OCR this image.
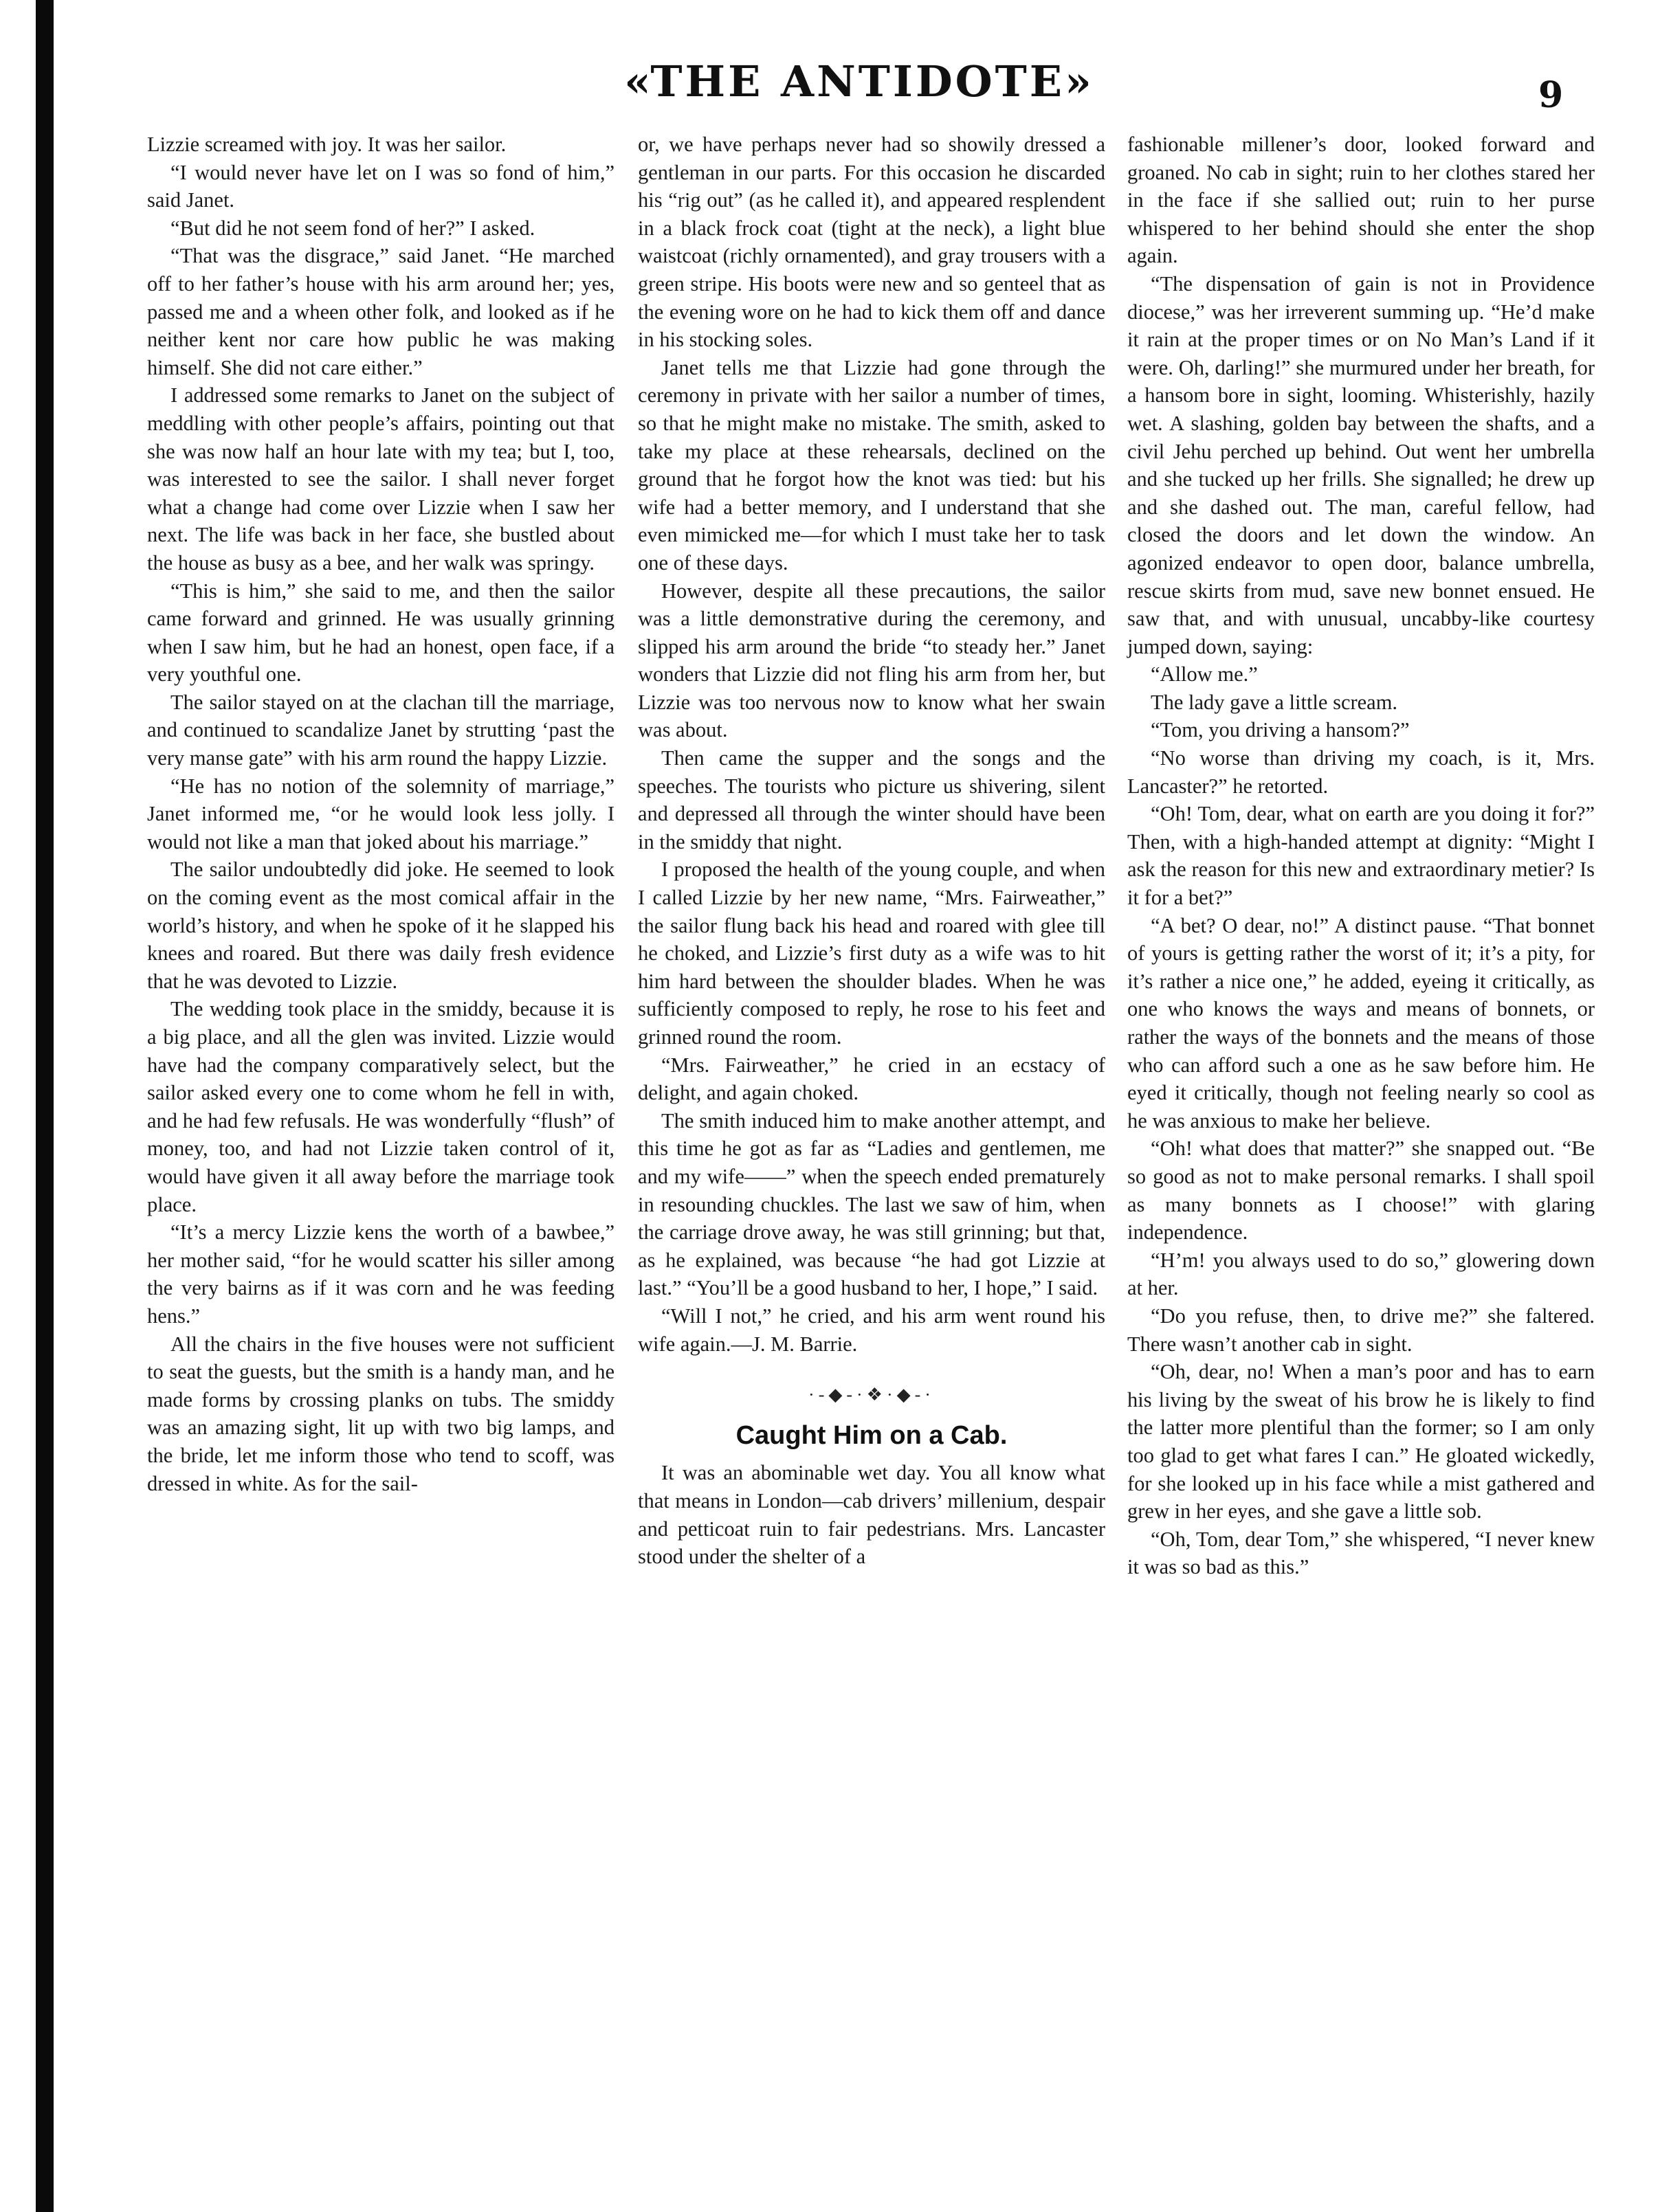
«THE ANTIDOTE»	9

Lizzie screamed with joy. It was her sailor.

“I would never have let on I was so fond of him,” said Janet.

“But did he not seem fond of her?” I asked.

“That was the disgrace,” said Janet. “He marched off to her father’s house with his arm around her; yes, passed me and a wheen other folk, and looked as if he neither kent nor care how public he was making himself. She did not care either.”

I addressed some remarks to Janet on the subject of meddling with other people’s affairs, pointing out that she was now half an hour late with my tea; but I, too, was interested to see the sailor. I shall never forget what a change had come over Lizzie when I saw her next. The life was back in her face, she bustled about the house as busy as a bee, and her walk was springy.

“This is him,” she said to me, and then the sailor came forward and grinned. He was usually grinning when I saw him, but he had an honest, open face, if a very youthful one.

The sailor stayed on at the clachan till the marriage, and continued to scandalize Janet by strutting ‘past the very manse gate” with his arm round the happy Lizzie.

“He has no notion of the solemnity of marriage,” Janet informed me, “or he would look less jolly. I would not like a man that joked about his marriage.”

The sailor undoubtedly did joke. He seemed to look on the coming event as the most comical affair in the world’s history, and when he spoke of it he slapped his knees and roared. But there was daily fresh evidence that he was devoted to Lizzie.

The wedding took place in the smiddy, because it is a big place, and all the glen was invited. Lizzie would have had the company comparatively select, but the sailor asked every one to come whom he fell in with, and he had few refusals. He was wonderfully “flush” of money, too, and had not Lizzie taken control of it, would have given it all away before the marriage took place.

“It’s a mercy Lizzie kens the worth of a bawbee,” her mother said, “for he would scatter his siller among the very bairns as if it was corn and he was feeding hens.”

All the chairs in the five houses were not sufficient to seat the guests, but the smith is a handy man, and he made forms by crossing planks on tubs. The smiddy was an amazing sight, lit up with two big lamps, and the bride, let me inform those who tend to scoff, was dressed in white. As for the sail-

or, we have perhaps never had so showily dressed a gentleman in our parts. For this occasion he discarded his “rig out” (as he called it), and appeared resplendent in a black frock coat (tight at the neck), a light blue waistcoat (richly ornamented), and gray trousers with a green stripe. His boots were new and so genteel that as the evening wore on he had to kick them off and dance in his stocking soles.

Janet tells me that Lizzie had gone through the ceremony in private with her sailor a number of times, so that he might make no mistake. The smith, asked to take my place at these rehearsals, declined on the ground that he forgot how the knot was tied: but his wife had a better memory, and I understand that she even mimicked me—for which I must take her to task one of these days.

However, despite all these precautions, the sailor was a little demonstrative during the ceremony, and slipped his arm around the bride “to steady her.” Janet wonders that Lizzie did not fling his arm from her, but Lizzie was too nervous now to know what her swain was about.

Then came the supper and the songs and the speeches. The tourists who picture us shivering, silent and depressed all through the winter should have been in the smiddy that night.

I proposed the health of the young couple, and when I called Lizzie by her new name, “Mrs. Fairweather,” the sailor flung back his head and roared with glee till he choked, and Lizzie’s first duty as a wife was to hit him hard between the shoulder blades. When he was sufficiently composed to reply, he rose to his feet and grinned round the room.

“Mrs. Fairweather,” he cried in an ecstacy of delight, and again choked.

The smith induced him to make another attempt, and this time he got as far as “Ladies and gentlemen, me and my wife——” when the speech ended prematurely in resounding chuckles. The last we saw of him, when the carriage drove away, he was still grinning; but that, as he explained, was because “he had got Lizzie at last.” “You’ll be a good husband to her, I hope,” I said.

“Will I not,” he cried, and his arm went round his wife again.—J. M. Barrie.

·-◆-·❖·◆-·
Caught Him on a Cab.

It was an abominable wet day. You all know what that means in London—cab drivers’ millenium, despair and petticoat ruin to fair pedestrians. Mrs. Lancaster stood under the shelter of a

fashionable millener’s door, looked forward and groaned. No cab in sight; ruin to her clothes stared her in the face if she sallied out; ruin to her purse whispered to her behind should she enter the shop again.

“The dispensation of gain is not in Providence diocese,” was her irreverent summing up. “He’d make it rain at the proper times or on No Man’s Land if it were. Oh, darling!” she murmured under her breath, for a hansom bore in sight, looming. Whisterishly, hazily wet. A slashing, golden bay between the shafts, and a civil Jehu perched up behind. Out went her umbrella and she tucked up her frills. She signalled; he drew up and she dashed out. The man, careful fellow, had closed the doors and let down the window. An agonized endeavor to open door, balance umbrella, rescue skirts from mud, save new bonnet ensued. He saw that, and with unusual, uncabby-like courtesy jumped down, saying:

“Allow me.”

The lady gave a little scream.

“Tom, you driving a hansom?”

“No worse than driving my coach, is it, Mrs. Lancaster?” he retorted.

“Oh! Tom, dear, what on earth are you doing it for?” Then, with a high-handed attempt at dignity: “Might I ask the reason for this new and extraordinary metier? Is it for a bet?”

“A bet? O dear, no!” A distinct pause. “That bonnet of yours is getting rather the worst of it; it’s a pity, for it’s rather a nice one,” he added, eyeing it critically, as one who knows the ways and means of bonnets, or rather the ways of the bonnets and the means of those who can afford such a one as he saw before him. He eyed it critically, though not feeling nearly so cool as he was anxious to make her believe.

“Oh! what does that matter?” she snapped out. “Be so good as not to make personal remarks. I shall spoil as many bonnets as I choose!” with glaring independence.

“H’m! you always used to do so,” glowering down at her.

“Do you refuse, then, to drive me?” she faltered. There wasn’t another cab in sight.

“Oh, dear, no! When a man’s poor and has to earn his living by the sweat of his brow he is likely to find the latter more plentiful than the former; so I am only too glad to get what fares I can.” He gloated wickedly, for she looked up in his face while a mist gathered and grew in her eyes, and she gave a little sob.

“Oh, Tom, dear Tom,” she whispered, “I never knew it was so bad as this.”
